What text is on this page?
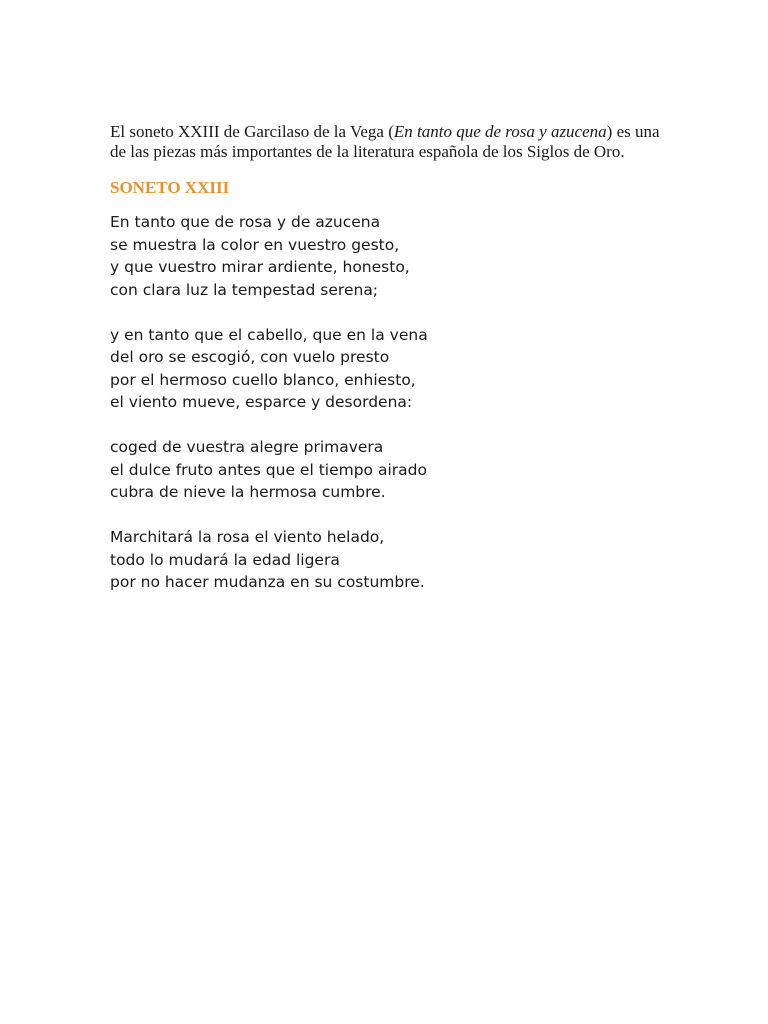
El soneto XXIII de Garcilaso de la Vega (En tanto que de rosa y azucena) es una de las piezas más importantes de la literatura española de los Siglos de Oro.

SONETO XXIII
En tanto que de rosa y de azucena
se muestra la color en vuestro gesto,
y que vuestro mirar ardiente, honesto,
con clara luz la tempestad serena;
y en tanto que el cabello, que en la vena
del oro se escogió, con vuelo presto
por el hermoso cuello blanco, enhiesto,
el viento mueve, esparce y desordena:
coged de vuestra alegre primavera
el dulce fruto antes que el tiempo airado
cubra de nieve la hermosa cumbre.
Marchitará la rosa el viento helado,
todo lo mudará la edad ligera
por no hacer mudanza en su costumbre.
